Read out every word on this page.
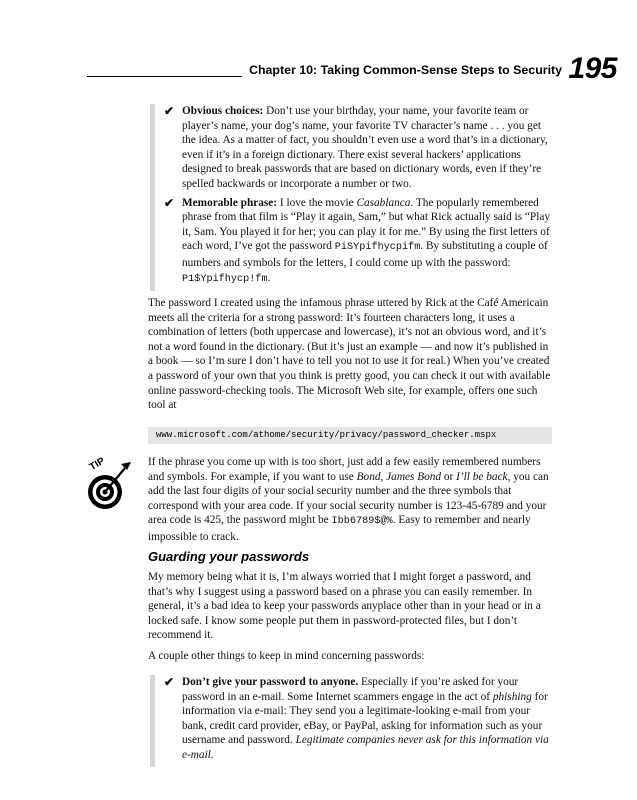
Chapter 10: Taking Common-Sense Steps to Security 195
✔ Obvious choices: Don’t use your birthday, your name, your favorite team or player’s name, your dog’s name, your favorite TV character’s name . . . you get the idea. As a matter of fact, you shouldn’t even use a word that’s in a dictionary, even if it’s in a foreign dictionary. There exist several hackers’ applications designed to break passwords that are based on dictionary words, even if they’re spelled backwards or incorporate a number or two.
✔ Memorable phrase: I love the movie Casablanca. The popularly remembered phrase from that film is “Play it again, Sam,” but what Rick actually said is “Play it, Sam. You played it for her; you can play it for me.” By using the first letters of each word, I’ve got the password PiSYpifhycpifm. By substituting a couple of numbers and symbols for the letters, I could come up with the password: P1$Ypifhycp!fm.

The password I created using the infamous phrase uttered by Rick at the Café Americain meets all the criteria for a strong password: It’s fourteen characters long, it uses a combination of letters (both uppercase and lowercase), it’s not an obvious word, and it’s not a word found in the dictionary. (But it’s just an example — and now it’s published in a book — so I’m sure I don’t have to tell you not to use it for real.) When you’ve created a password of your own that you think is pretty good, you can check it out with available online password-checking tools. The Microsoft Web site, for example, offers one such tool at

www.microsoft.com/athome/security/privacy/password_checker.mspx
TIP	If the phrase you come up with is too short, just add a few easily remembered numbers and symbols. For example, if you want to use Bond, James Bond or I’ll be back, you can add the last four digits of your social security number and the three symbols that correspond with your area code. If your social security number is 123-45-6789 and your area code is 425, the password might be Ibb6789$@%. Easy to remember and nearly impossible to crack.

Guarding your passwords

My memory being what it is, I’m always worried that I might forget a password, and that’s why I suggest using a password based on a phrase you can easily remember. In general, it’s a bad idea to keep your passwords anyplace other than in your head or in a locked safe. I know some people put them in password-protected files, but I don’t recommend it.

A couple other things to keep in mind concerning passwords:

✔ Don’t give your password to anyone. Especially if you’re asked for your password in an e-mail. Some Internet scammers engage in the act of phishing for information via e-mail: They send you a legitimate-looking e-mail from your bank, credit card provider, eBay, or PayPal, asking for information such as your username and password. Legitimate companies never ask for this information via e-mail.
